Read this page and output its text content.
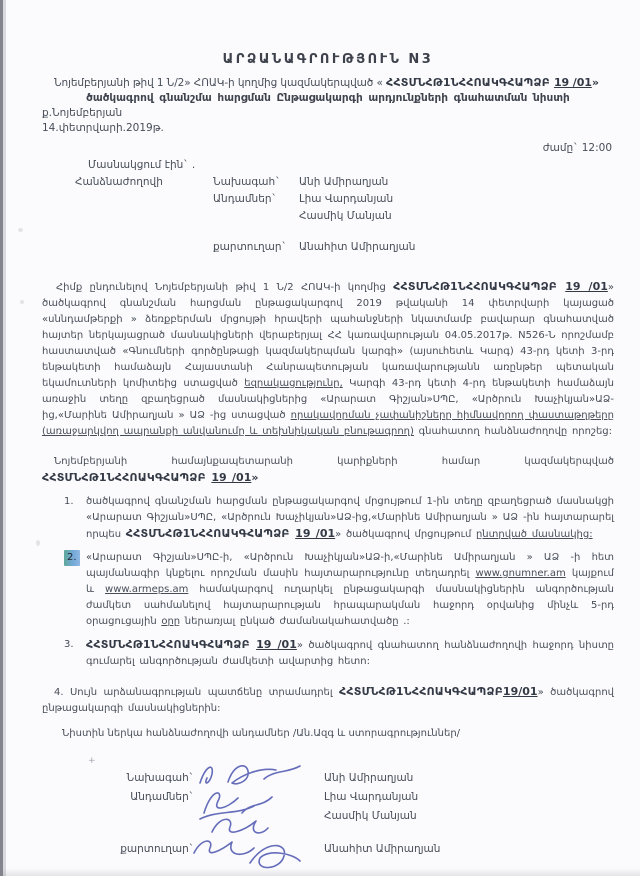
+

ԱՐՁԱՆԱԳՐՈՒԹՅՈՒՆ N3

Նոյեմբերյանի թիվ 1 Ն/2» ՀՈԱԿ-ի կողմից կազմակերպված « ՀՀՏՄՆՀԹ1ՆՀՀՈԱԿԳՀԱՊՁԲ 19 /01»

ծածկագրով գնանշմա հարցման Ընթացակարգի արդյունքների գնահատման նիստի

ք.Նոյեմբերյան

14.փետրվարի.2019թ.

ժամը` 12:00

Մասնակցում էին` .

Հանձնաժողովի	Նախագահ`	Անի Ամիրաղյան
Անդամներ`	Լիա Վարդանյան
Հասմիկ Մանյան
քարտուղար`	Անահիտ Ամիրաղյան

Հիմք ընդունելով Նոյեմբերյանի թիվ 1 Ն/2 ՀՈԱԿ-ի կողմից ՀՀՏՄՆՀԹ1ՆՀՀՈԱԿԳՀԱՊՁԲ 19 /01» ծածկագրով գնանշման հարցման ընթացակարգով 2019 թվականի 14 փետրվարի կայացած «սննդամթերքի » ձեռքբերման մրցույթի հրավերի պահանջների նկատմամբ բավարար գնահատված հայտեր ներկայացրած մասնակիցների վերաբերյալ ՀՀ կառավարության 04.05.2017թ. N526-Ն որոշմամբ հաստատված «Գնումների գործընթացի կազմակերպման կարգի» (այսուհետև Կարգ) 43-րդ կետի 3-րդ ենթակետի համաձայն Հայաստանի Հանրապետության կառավարությանն առընթեր պետական եկամուտների կոմիտեից ստացված եզրակացությունը, Կարգի 43-րդ կետի 4-րդ ենթակետի համաձայն առաջին տեղը զբաղեցրած մասնակիցներից «Արարատ Գիշյան»ՍՊԸ, «Արծրուն Խաչիկյան»ԱՁ-ից,«Մարինե Ամիրաղյան » ԱՁ -ից ստացված որակավորման չափանիշները հիմնավորող փաստաթղթերը (առաջարկվող ապրանքի անվանումը և տեխնիկական բնութագրող) գնահատող հանձնաժողովը որոշեց:

Նոյեմբերյանի համայնքապետարանի կարիքների համար կազմակերպված ՀՀՏՄՆՀԹ1ՆՀՀՈԱԿԳՀԱՊՁԲ 19 /01»

1.	ծածկագրով գնանշման հարցման ընթացակարգով մրցույթում 1-ին տեղը զբաղեցրած մասնակցի «Արարատ Գիշյան»ՍՊԸ, «Արծրուն Խաչիկյան»ԱՁ-ից,«Մարինե Ամիրաղյան » ԱՁ -ին հայտարարել որպես ՀՀՏՄՆՀԹ1ՆՀՀՈԱԿԳՀԱՊՁԲ 19 /01» ծածկագրով մրցույթում ընտրված մասնակից:
2. «Արարատ Գիշյան»ՍՊԸ-ի, «Արծրուն Խաչիկյան»ԱՁ-ի,«Մարինե Ամիրաղյան » ԱՁ -ի հետ պայմանագիր կնքելու որոշման մասին հայտարարությունը տեղադրել www.gnumner.am կայքում և www.armeps.am համակարգով ուղարկել ընթացակարգի մասնակիցներին անգործության ժամկետ սահմանելով հայտարարության հրապարակման հաջորդ օրվանից մինչև 5-րդ օրացուցային օրը ներառյալ ընկած ժամանակահատվածը .:
3.	ՀՀՏՄՆՀԹ1ՆՀՀՈԱԿԳՀԱՊՁԲ 19 /01» ծածկագրով գնահատող հանձնաժողովի հաջորդ նիստը գումարել անգործության ժամկետի ավարտից հետո:

4. Սույն արձանագրության պատճենը տրամադրել ՀՀՏՄՆՀԹ1ՆՀՀՈԱԿԳՀԱՊՁԲ19/01» ծածկագրով ընթացակարգի մասնակիցներին:

Նիստին ներկա հանձնաժողովի անդամներ /Ան.Ազգ և ստորագրություններ/

Նախագահ`	Անի Ամիրաղյան
Անդամներ`	Լիա Վարդանյան
Հասմիկ Մանյան
քարտուղար`	Անահիտ Ամիրաղյան
